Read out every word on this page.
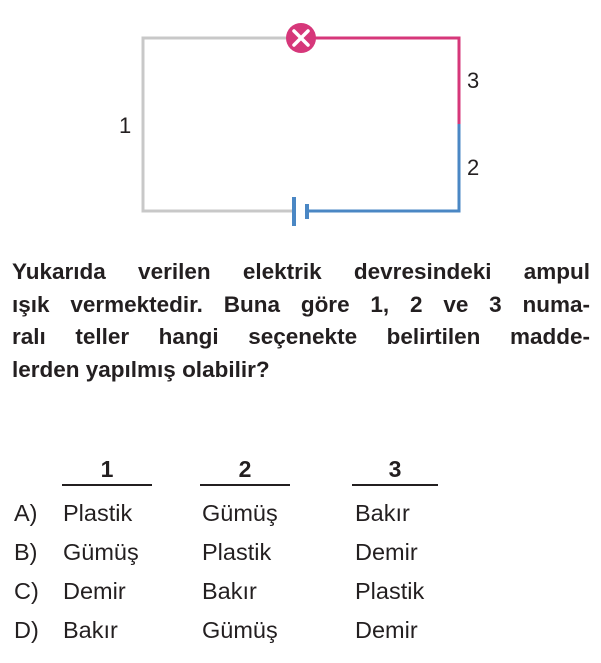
1
2
3
Yukarıda verilen elektrik devresindeki ampul
ışık vermektedir. Buna göre 1, 2 ve 3 numa-
ralı teller hangi seçenekte belirtilen madde-
lerden yapılmış olabilir?
1	2	3
A) Plastik	Gümüş	Bakır
B) Gümüş	Plastik	Demir
C) Demir	Bakır	Plastik
D) Bakır	Gümüş	Demir
